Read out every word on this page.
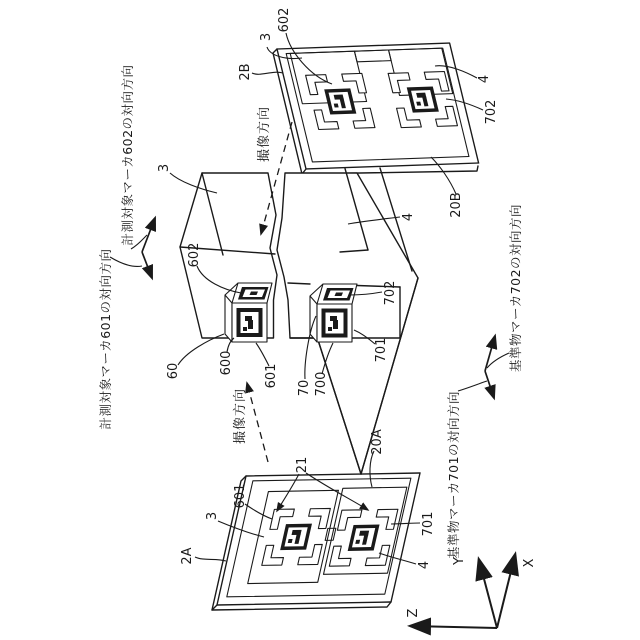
計測対象マーカ601の対向方向
計測対象マーカ602の対向方向
基準物マーカ702の対向方向
基準物マーカ701の対向方向
撮像方向
撮像方向
602
3
2B	4
702
20B
3
602
60	600
601
4
702
701
70 700
21
601
3
2A
701
4
20A
Z
Y	X
